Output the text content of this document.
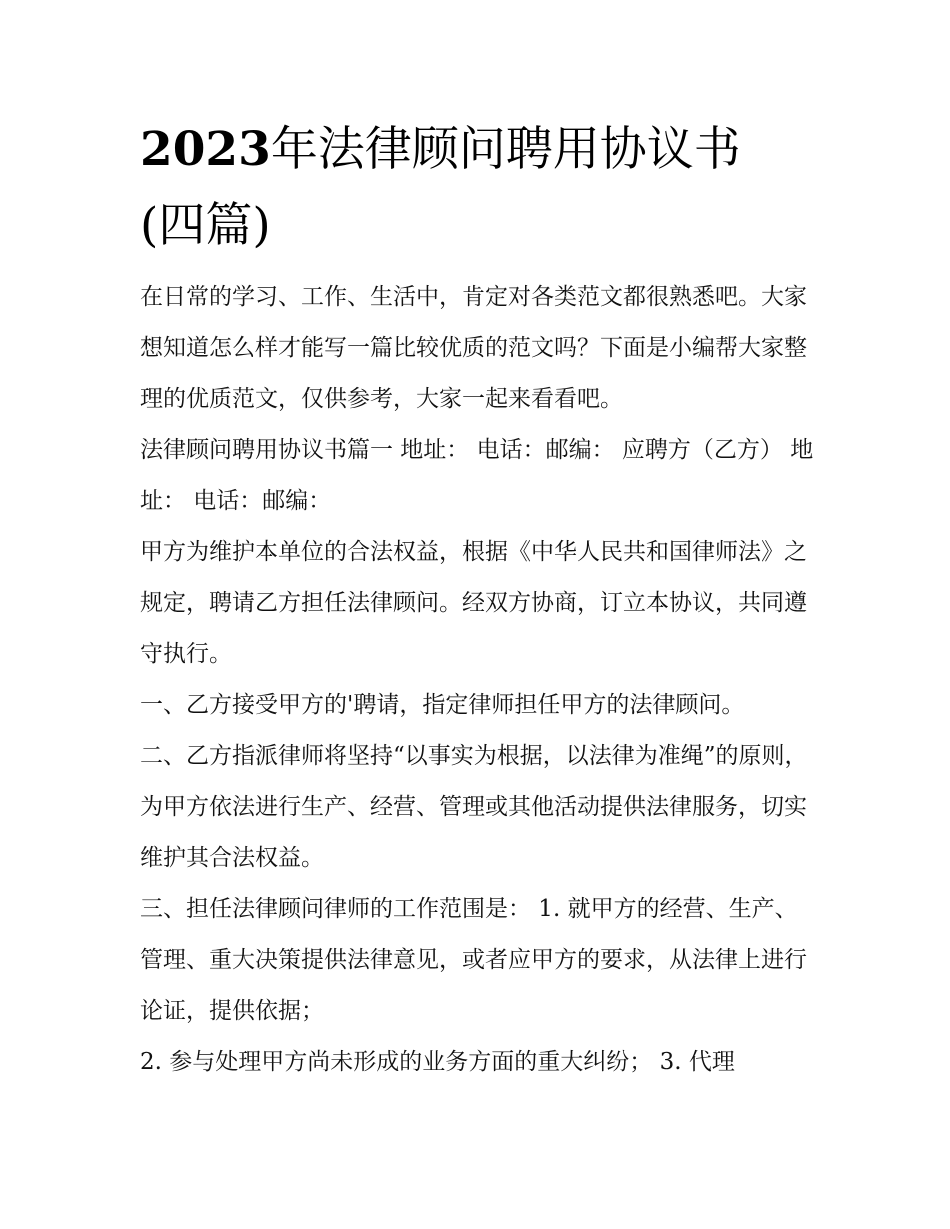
2023年法律顾问聘用协议书
(四篇)

在日常的学习、工作、生活中，肯定对各类范文都很熟悉吧。大家想知道怎么样才能写一篇比较优质的范文吗？下面是小编帮大家整理的优质范文，仅供参考，大家一起来看看吧。

法律顾问聘用协议书篇一 地址： 电话：邮编： 应聘方（乙方） 地址： 电话：邮编：

甲方为维护本单位的合法权益，根据《中华人民共和国律师法》之规定，聘请乙方担任法律顾问。经双方协商，订立本协议，共同遵守执行。

一、乙方接受甲方的'聘请，指定律师担任甲方的法律顾问。

二、乙方指派律师将坚持“以事实为根据，以法律为准绳”的原则，为甲方依法进行生产、经营、管理或其他活动提供法律服务，切实维护其合法权益。

三、担任法律顾问律师的工作范围是： 1. 就甲方的经营、生产、管理、重大决策提供法律意见，或者应甲方的要求，从法律上进行论证，提供依据；

2. 参与处理甲方尚未形成的业务方面的重大纠纷； 3. 代理
